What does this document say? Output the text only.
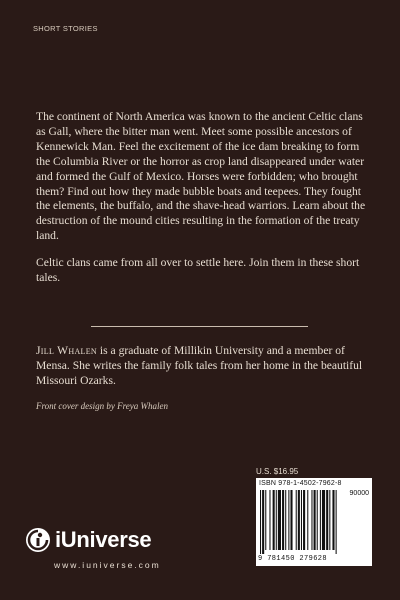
SHORT STORIES

The continent of North America was known to the ancient Celtic clans as Gall, where the bitter man went. Meet some possible ancestors of Kennewick Man. Feel the excitement of the ice dam breaking to form the Columbia River or the horror as crop land disappeared under water and formed the Gulf of Mexico. Horses were forbidden; who brought them? Find out how they made bubble boats and teepees. They fought the elements, the buffalo, and the shave-head warriors. Learn about the destruction of the mound cities resulting in the formation of the treaty land.

Celtic clans came from all over to settle here. Join them in these short tales.

Jill Whalen is a graduate of Millikin University and a member of Mensa. She writes the family folk tales from her home in the beautiful Missouri Ozarks.
Front cover design by Freya Whalen
U.S. $16.95
ISBN 978-1-4502-7962-8
90000
9 781450 279628
iUniverse
www.iuniverse.com
